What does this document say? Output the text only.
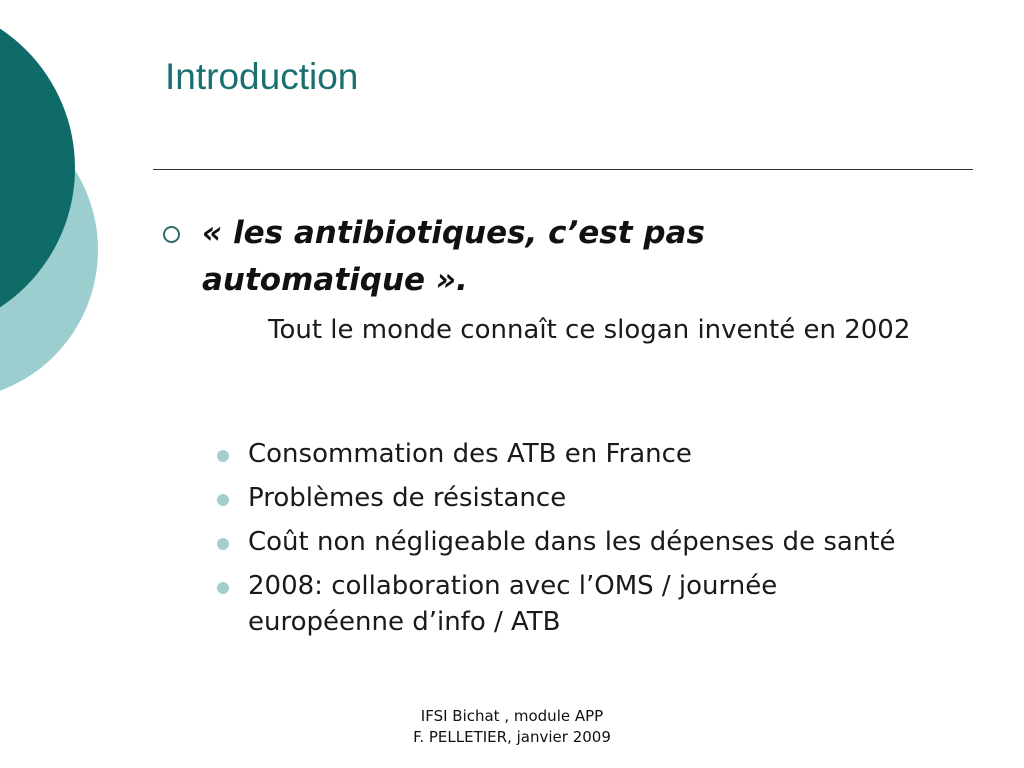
Introduction

« les antibiotiques, c’est pas automatique ».

Tout le monde connaît ce slogan inventé en 2002

Consommation des ATB en France
Problèmes de résistance
Coût non négligeable dans les dépenses de santé
2008: collaboration avec l’OMS / journée européenne d’info / ATB
IFSI Bichat , module APP
F. PELLETIER, janvier 2009
